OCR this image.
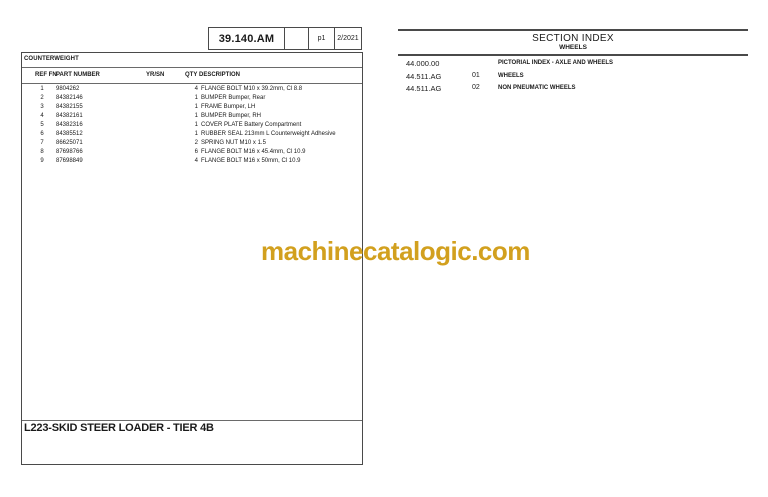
39.140.AM	p1	2/2021
COUNTERWEIGHT
REF FN PART NUMBER	YR/SN	QTY DESCRIPTION
1	9804262	4 FLANGE BOLT M10 x 39.2mm, Cl 8.8
2	84382146	1 BUMPER Bumper, Rear
3	84382155	1 FRAME Bumper, LH
4	84382161	1 BUMPER Bumper, RH
5	84382316	1 COVER PLATE Battery Compartment
6	84385512	1 RUBBER SEAL 213mm L Counterweight Adhesive
7	86625071	2 SPRING NUT M10 x 1.5
8	87698766	6 FLANGE BOLT M16 x 45.4mm, Cl 10.9
9	87698849	4 FLANGE BOLT M16 x 50mm, Cl 10.9
L223-SKID STEER LOADER - TIER 4B
SECTION INDEX
WHEELS
44.000.00	PICTORIAL INDEX - AXLE AND WHEELS
44.511.AG	01	WHEELS
44.511.AG	02	NON PNEUMATIC WHEELS
machinecatalogic.com
